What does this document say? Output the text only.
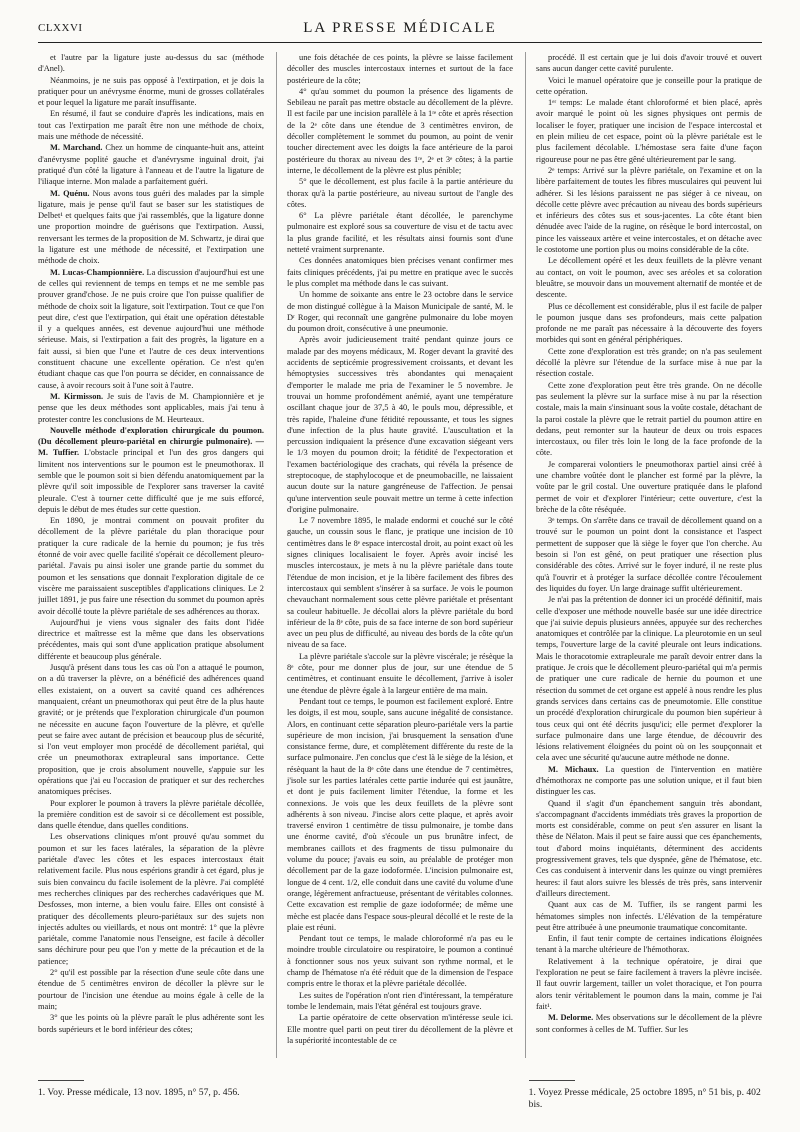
CLXXVI	LA PRESSE MÉDICALE

et l'autre par la ligature juste au-dessus du sac (méthode d'Anel).

Néanmoins, je ne suis pas opposé à l'extirpation, et je dois la pratiquer pour un anévrysme énorme, muni de grosses collatérales et pour lequel la ligature me paraît insuffisante.

En résumé, il faut se conduire d'après les indications, mais en tout cas l'extirpation me paraît être non une méthode de choix, mais une méthode de nécessité.

M. Marchand. Chez un homme de cinquante-huit ans, atteint d'anévrysme poplité gauche et d'anévrysme inguinal droit, j'ai pratiqué d'un côté la ligature à l'anneau et de l'autre la ligature de l'iliaque interne. Mon malade a parfaitement guéri.

M. Quénu. Nous avons tous guéri des malades par la simple ligature, mais je pense qu'il faut se baser sur les statistiques de Delbet¹ et quelques faits que j'ai rassemblés, que la ligature donne une proportion moindre de guérisons que l'extirpation. Aussi, renversant les termes de la proposition de M. Schwartz, je dirai que la ligature est une méthode de nécessité, et l'extirpation une méthode de choix.

M. Lucas-Championnière. La discussion d'aujourd'hui est une de celles qui reviennent de temps en temps et ne me semble pas prouver grand'chose. Je ne puis croire que l'on puisse qualifier de méthode de choix soit la ligature, soit l'extirpation. Tout ce que l'on peut dire, c'est que l'extirpation, qui était une opération détestable il y a quelques années, est devenue aujourd'hui une méthode sérieuse. Mais, si l'extirpation a fait des progrès, la ligature en a fait aussi, si bien que l'une et l'autre de ces deux interventions constituent chacune une excellente opération. Ce n'est qu'en étudiant chaque cas que l'on pourra se décider, en connaissance de cause, à avoir recours soit à l'une soit à l'autre.

M. Kirmisson. Je suis de l'avis de M. Championnière et je pense que les deux méthodes sont applicables, mais j'ai tenu à protester contre les conclusions de M. Heurteaux.

Nouvelle méthode d'exploration chirurgicale du poumon. (Du décollement pleuro-pariétal en chirurgie pulmonaire). — M. Tuffier. L'obstacle principal et l'un des gros dangers qui limitent nos interventions sur le poumon est le pneumothorax. Il semble que le poumon soit si bien défendu anatomiquement par la plèvre qu'il soit impossible de l'explorer sans traverser la cavité pleurale. C'est à tourner cette difficulté que je me suis efforcé, depuis le début de mes études sur cette question.

En 1890, je montrai comment on pouvait profiter du décollement de la plèvre pariétale du plan thoracique pour pratiquer la cure radicale de la hernie du poumon; je fus très étonné de voir avec quelle facilité s'opérait ce décollement pleuro-pariétal. J'avais pu ainsi isoler une grande partie du sommet du poumon et les sensations que donnait l'exploration digitale de ce viscère me paraissaient susceptibles d'applications cliniques. Le 2 juillet 1891, je pus faire une résection du sommet du poumon après avoir décollé toute la plèvre pariétale de ses adhérences au thorax.

Aujourd'hui je viens vous signaler des faits dont l'idée directrice et maîtresse est la même que dans les observations précédentes, mais qui sont d'une application pratique absolument différente et beaucoup plus générale.

Jusqu'à présent dans tous les cas où l'on a attaqué le poumon, on a dû traverser la plèvre, on a bénéficié des adhérences quand elles existaient, on a ouvert sa cavité quand ces adhérences manquaient, créant un pneumothorax qui peut être de la plus haute gravité; or je prétends que l'exploration chirurgicale d'un poumon ne nécessite en aucune façon l'ouverture de la plèvre, et qu'elle peut se faire avec autant de précision et beaucoup plus de sécurité, si l'on veut employer mon procédé de décollement pariétal, qui crée un pneumothorax extrapleural sans importance. Cette proposition, que je crois absolument nouvelle, s'appuie sur les opérations que j'ai eu l'occasion de pratiquer et sur des recherches anatomiques précises.

Pour explorer le poumon à travers la plèvre pariétale décollée, la première condition est de savoir si ce décollement est possible, dans quelle étendue, dans quelles conditions.

Les observations cliniques m'ont prouvé qu'au sommet du poumon et sur les faces latérales, la séparation de la plèvre pariétale d'avec les côtes et les espaces intercostaux était relativement facile. Plus nous espérions grandir à cet égard, plus je suis bien convaincu du facile isolement de la plèvre. J'ai complété mes recherches cliniques par des recherches cadavériques que M. Desfosses, mon interne, a bien voulu faire. Elles ont consisté à pratiquer des décollements pleuro-pariétaux sur des sujets non injectés adultes ou vieillards, et nous ont montré: 1° que la plèvre pariétale, comme l'anatomie nous l'enseigne, est facile à décoller sans déchirure pour peu que l'on y mette de la précaution et de la patience;

2° qu'il est possible par la résection d'une seule côte dans une étendue de 5 centimètres environ de décoller la plèvre sur le pourtour de l'incision une étendue au moins égale à celle de la main;

3° que les points où la plèvre paraît le plus adhérente sont les bords supérieurs et le bord inférieur des côtes;

une fois détachée de ces points, la plèvre se laisse facilement décoller des muscles intercostaux internes et surtout de la face postérieure de la côte;

4° qu'au sommet du poumon la présence des ligaments de Sebileau ne paraît pas mettre obstacle au décollement de la plèvre. Il est facile par une incision parallèle à la 1ʳᵉ côte et après résection de la 2ᵉ côte dans une étendue de 3 centimètres environ, de décoller complètement le sommet du poumon, au point de venir toucher directement avec les doigts la face antérieure de la paroi postérieure du thorax au niveau des 1ʳᵉ, 2ᵉ et 3ᵉ côtes; à la partie interne, le décollement de la plèvre est plus pénible;

5° que le décollement, est plus facile à la partie antérieure du thorax qu'à la partie postérieure, au niveau surtout de l'angle des côtes.

6° La plèvre pariétale étant décollée, le parenchyme pulmonaire est exploré sous sa couverture de visu et de tactu avec la plus grande facilité, et les résultats ainsi fournis sont d'une netteté vraiment surprenante.

Ces données anatomiques bien précises venant confirmer mes faits cliniques précédents, j'ai pu mettre en pratique avec le succès le plus complet ma méthode dans le cas suivant.

Un homme de soixante ans entre le 23 octobre dans le service de mon distingué collègue à la Maison Municipale de santé, M. le Dʳ Roger, qui reconnaît une gangrène pulmonaire du lobe moyen du poumon droit, consécutive à une pneumonie.

Après avoir judicieusement traité pendant quinze jours ce malade par des moyens médicaux, M. Roger devant la gravité des accidents de septicémie progressivement croissants, et devant les hémoptysies successives très abondantes qui menaçaient d'emporter le malade me pria de l'examiner le 5 novembre. Je trouvai un homme profondément anémié, ayant une température oscillant chaque jour de 37,5 à 40, le pouls mou, dépressible, et très rapide, l'haleine d'une fétidité repoussante, et tous les signes d'une infection de la plus haute gravité. L'auscultation et la percussion indiquaient la présence d'une excavation siégeant vers le 1/3 moyen du poumon droit; la fétidité de l'expectoration et l'examen bactériologique des crachats, qui révéla la présence de streptocoque, de staphylocoque et de pneumobacille, ne laissaient aucun doute sur la nature gangréneuse de l'affection. Je pensai qu'une intervention seule pouvait mettre un terme à cette infection d'origine pulmonaire.

Le 7 novembre 1895, le malade endormi et couché sur le côté gauche, un coussin sous le flanc, je pratique une incision de 10 centimètres dans le 8ᵉ espace intercostal droit, au point exact où les signes cliniques localisaient le foyer. Après avoir incisé les muscles intercostaux, je mets à nu la plèvre pariétale dans toute l'étendue de mon incision, et je la libère facilement des fibres des intercostaux qui semblent s'insérer à sa surface. Je vois le poumon chevauchant normalement sous cette plèvre pariétale et présentant sa couleur habituelle. Je décollai alors la plèvre pariétale du bord inférieur de la 8ᵉ côte, puis de sa face interne de son bord supérieur avec un peu plus de difficulté, au niveau des bords de la côte qu'un niveau de sa face.

La plèvre pariétale s'accole sur la plèvre viscérale; je résèque la 8ᵉ côte, pour me donner plus de jour, sur une étendue de 5 centimètres, et continuant ensuite le décollement, j'arrive à isoler une étendue de plèvre égale à la largeur entière de ma main.

Pendant tout ce temps, le poumon est facilement exploré. Entre les doigts, il est mou, souple, sans aucune inégalité de consistance. Alors, en continuant cette séparation pleuro-pariétale vers la partie supérieure de mon incision, j'ai brusquement la sensation d'une consistance ferme, dure, et complètement différente du reste de la surface pulmonaire. J'en conclus que c'est là le siège de la lésion, et résèquant la haut de la 8ᵉ côte dans une étendue de 7 centimètres, j'isole sur les parties latérales cette partie indurée qui est jaunâtre, et dont je puis facilement limiter l'étendue, la forme et les connexions. Je vois que les deux feuillets de la plèvre sont adhérents à son niveau. J'incise alors cette plaque, et après avoir traversé environ 1 centimètre de tissu pulmonaire, je tombe dans une énorme cavité, d'où s'écoule un pus brunâtre infect, de membranes caillots et des fragments de tissu pulmonaire du volume du pouce; j'avais eu soin, au préalable de protéger mon décollement par de la gaze iodoformée. L'incision pulmonaire est, longue de 4 cent. 1/2, elle conduit dans une cavité du volume d'une orange, légèrement anfractueuse, présentant de véritables colonnes. Cette excavation est remplie de gaze iodoformée; de même une mèche est placée dans l'espace sous-pleural décollé et le reste de la plaie est réuni.

Pendant tout ce temps, le malade chloroformé n'a pas eu le moindre trouble circulatoire ou respiratoire, le poumon a continué à fonctionner sous nos yeux suivant son rythme normal, et le champ de l'hématose n'a été réduit que de la dimension de l'espace compris entre le thorax et la plèvre pariétale décollée.

Les suites de l'opération n'ont rien d'intéressant, la température tombe le lendemain, mais l'état général est toujours grave.

La partie opératoire de cette observation m'intéresse seule ici. Elle montre quel parti on peut tirer du décollement de la plèvre et la supériorité incontestable de ce

procédé. Il est certain que je lui dois d'avoir trouvé et ouvert sans aucun danger cette cavité purulente.

Voici le manuel opératoire que je conseille pour la pratique de cette opération.

1ᵉʳ temps: Le malade étant chloroformé et bien placé, après avoir marqué le point où les signes physiques ont permis de localiser le foyer, pratiquer une incision de l'espace intercostal et en plein milieu de cet espace, point où la plèvre pariétale est le plus facilement décolable. L'hémostase sera faite d'une façon rigoureuse pour ne pas être gêné ultérieurement par le sang.

2ᵉ temps: Arrivé sur la plèvre pariétale, on l'examine et on la libère parfaitement de toutes les fibres musculaires qui peuvent lui adhérer. Si les lésions paraissent ne pas siéger à ce niveau, on décolle cette plèvre avec précaution au niveau des bords supérieurs et inférieurs des côtes sus et sous-jacentes. La côte étant bien dénudée avec l'aide de la rugine, on résèque le bord intercostal, on pince les vaisseaux artère et veine intercostales, et on détache avec le costotome une portion plus ou moins considérable de la côte.

Le décollement opéré et les deux feuillets de la plèvre venant au contact, on voit le poumon, avec ses aréoles et sa coloration bleuâtre, se mouvoir dans un mouvement alternatif de montée et de descente.

Plus ce décollement est considérable, plus il est facile de palper le poumon jusque dans ses profondeurs, mais cette palpation profonde ne me paraît pas nécessaire à la découverte des foyers morbides qui sont en général périphériques.

Cette zone d'exploration est très grande; on n'a pas seulement décollé la plèvre sur l'étendue de la surface mise à nue par la résection costale.

Cette zone d'exploration peut être très grande. On ne décolle pas seulement la plèvre sur la surface mise à nu par la résection costale, mais la main s'insinuant sous la voûte costale, détachant de la paroi costale la plèvre que le retrait partiel du poumon attire en dedans, peut remonter sur la hauteur de deux ou trois espaces intercostaux, ou filer très loin le long de la face profonde de la côte.

Je comparerai volontiers le pneumothorax partiel ainsi créé à une chambre voûtée dont le plancher est formé par la plèvre, la voûte par le gril costal. Une ouverture pratiquée dans le plafond permet de voir et d'explorer l'intérieur; cette ouverture, c'est la brèche de la côte réséquée.

3ᵉ temps. On s'arrête dans ce travail de décollement quand on a trouvé sur le poumon un point dont la consistance et l'aspect permettent de supposer que là siège le foyer que l'on cherche. Au besoin si l'on est gêné, on peut pratiquer une résection plus considérable des côtes. Arrivé sur le foyer induré, il ne reste plus qu'à l'ouvrir et à protéger la surface décollée contre l'écoulement des liquides du foyer. Un large drainage suffit ultérieurement.

Je n'ai pas la prétention de donner ici un procédé définitif, mais celle d'exposer une méthode nouvelle basée sur une idée directrice que j'ai suivie depuis plusieurs années, appuyée sur des recherches anatomiques et contrôlée par la clinique. La pleurotomie en un seul temps, l'ouverture large de la cavité pleurale ont leurs indications. Mais le thoracotomie extrapleurale me paraît devoir entrer dans la pratique. Je crois que le décollement pleuro-pariétal qui m'a permis de pratiquer une cure radicale de hernie du poumon et une résection du sommet de cet organe est appelé à nous rendre les plus grands services dans certains cas de pneumotomie. Elle constitue un procédé d'exploration chirurgicale du poumon bien supérieur à tous ceux qui ont été décrits jusqu'ici; elle permet d'explorer la surface pulmonaire dans une large étendue, de découvrir des lésions relativement éloignées du point où on les soupçonnait et cela avec une sécurité qu'aucune autre méthode ne donne.

M. Michaux. La question de l'intervention en matière d'hémothorax ne comporte pas une solution unique, et il faut bien distinguer les cas.

Quand il s'agit d'un épanchement sanguin très abondant, s'accompagnant d'accidents immédiats très graves la proportion de morts est considérable, comme on peut s'en assurer en lisant la thèse de Nélaton. Mais il peut se faire aussi que ces épanchements, tout d'abord moins inquiétants, déterminent des accidents progressivement graves, tels que dyspnée, gêne de l'hématose, etc. Ces cas conduisent à intervenir dans les quinze ou vingt premières heures: il faut alors suivre les blessés de très près, sans intervenir d'ailleurs directement.

Quant aux cas de M. Tuffier, ils se rangent parmi les hématomes simples non infectés. L'élévation de la température peut être attribuée à une pneumonie traumatique concomitante.

Enfin, il faut tenir compte de certaines indications éloignées tenant à la marche ultérieure de l'hémothorax.

Relativement à la technique opératoire, je dirai que l'exploration ne peut se faire facilement à travers la plèvre incisée. Il faut ouvrir largement, tailler un volet thoracique, et l'on pourra alors tenir véritablement le poumon dans la main, comme je l'ai fait¹.

M. Delorme. Mes observations sur le décollement de la plèvre sont conformes à celles de M. Tuffier. Sur les

1. Voy. Presse médicale, 13 nov. 1895, n° 57, p. 456.	1. Voyez Presse médicale, 25 octobre 1895, n° 51 bis, p. 402 bis.
